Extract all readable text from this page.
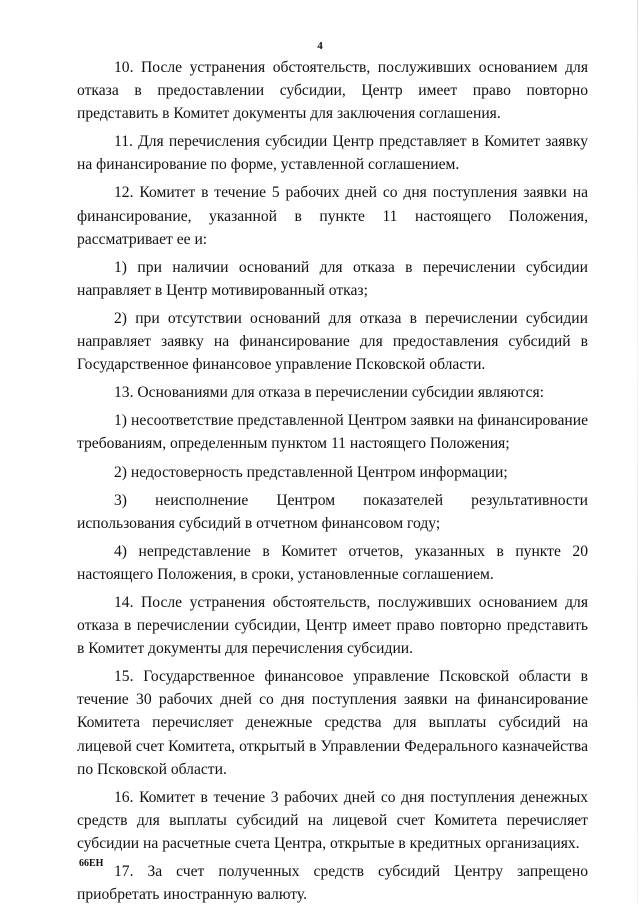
4

10. После устранения обстоятельств, послуживших основанием для отказа в предоставлении субсидии, Центр имеет право повторно представить в Комитет документы для заключения соглашения.

11. Для перечисления субсидии Центр представляет в Комитет заявку на финансирование по форме, уставленной соглашением.

12. Комитет в течение 5 рабочих дней со дня поступления заявки на финансирование, указанной в пункте 11 настоящего Положения, рассматривает ее и:

1) при наличии оснований для отказа в перечислении субсидии направляет в Центр мотивированный отказ;

2) при отсутствии оснований для отказа в перечислении субсидии направляет заявку на финансирование для предоставления субсидий в Государственное финансовое управление Псковской области.

13. Основаниями для отказа в перечислении субсидии являются:

1) несоответствие представленной Центром заявки на финансирование требованиям, определенным пунктом 11 настоящего Положения;

2) недостоверность представленной Центром информации;

3) неисполнение Центром показателей результативности использования субсидий в отчетном финансовом году;

4) непредставление в Комитет отчетов, указанных в пункте 20 настоящего Положения, в сроки, установленные соглашением.

14. После устранения обстоятельств, послуживших основанием для отказа в перечислении субсидии, Центр имеет право повторно представить в Комитет документы для перечисления субсидии.

15. Государственное финансовое управление Псковской области в течение 30 рабочих дней со дня поступления заявки на финансирование Комитета перечисляет денежные средства для выплаты субсидий на лицевой счет Комитета, открытый в Управлении Федерального казначейства по Псковской области.

16. Комитет в течение 3 рабочих дней со дня поступления денежных средств для выплаты субсидий на лицевой счет Комитета перечисляет субсидии на расчетные счета Центра, открытые в кредитных организациях.

17. За счет полученных средств субсидий Центру запрещено приобретать иностранную валюту.

66ЕН
